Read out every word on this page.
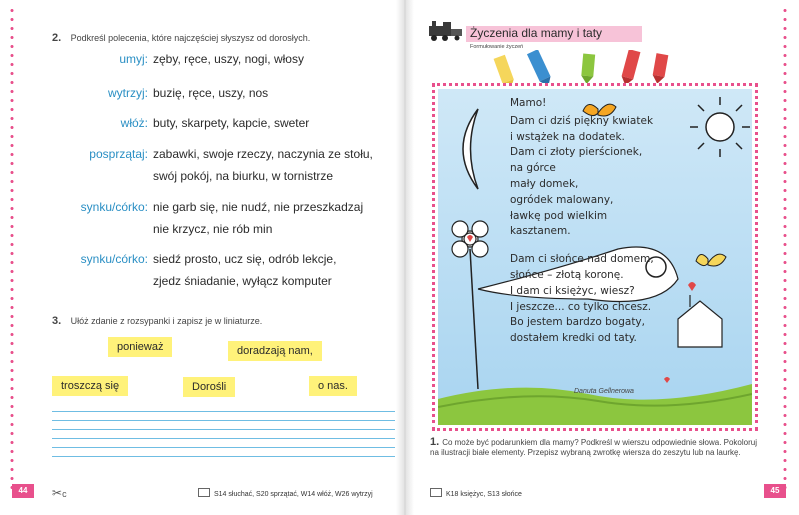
2. Podkreśl polecenia, które najczęściej słyszysz od dorosłych.
umyj: zęby, ręce, uszy, nogi, włosy
wytrzyj: buzię, ręce, uszy, nos
włóż: buty, skarpety, kapcie, sweter
posprzątaj: zabawki, swoje rzeczy, naczynia ze stołu,
swój pokój, na biurku, w tornistrze
synku/córko: nie garb się, nie nudź, nie przeszkadzaj
nie krzycz, nie rób min
synku/córko: siedź prosto, ucz się, odrób lekcje,
zjedz śniadanie, wyłącz komputer
3. Ułóż zdanie z rozsypanki i zapisz je w liniaturze.
ponieważ	doradzają nam,
troszczą się	Dorośli	o nas.
44	✂c	S14 słuchać, S20 sprzątać, W14 włóż, W26 wytrzyj
Życzenia dla mamy i taty
Formułowanie życzeń
Mamo!
Dam ci dziś piękny kwiatek
i wstążek na dodatek.
Dam ci złoty pierścionek,
na górce
mały domek,
ogródek malowany,
ławkę pod wielkim
kasztanem.
Dam ci słońce nad domem,
słońce – złotą koronę.
I dam ci księżyc, wiesz?
I jeszcze... co tylko chcesz.
Bo jestem bardzo bogaty,
dostałem kredki od taty.
Danuta Gellnerowa
1. Co może być podarunkiem dla mamy? Podkreśl w wierszu odpowiednie słowa. Pokoloruj na ilustracji białe elementy. Przepisz wybraną zwrotkę wiersza do zeszytu lub na laurkę.
K18 księżyc, S13 słońce	45
